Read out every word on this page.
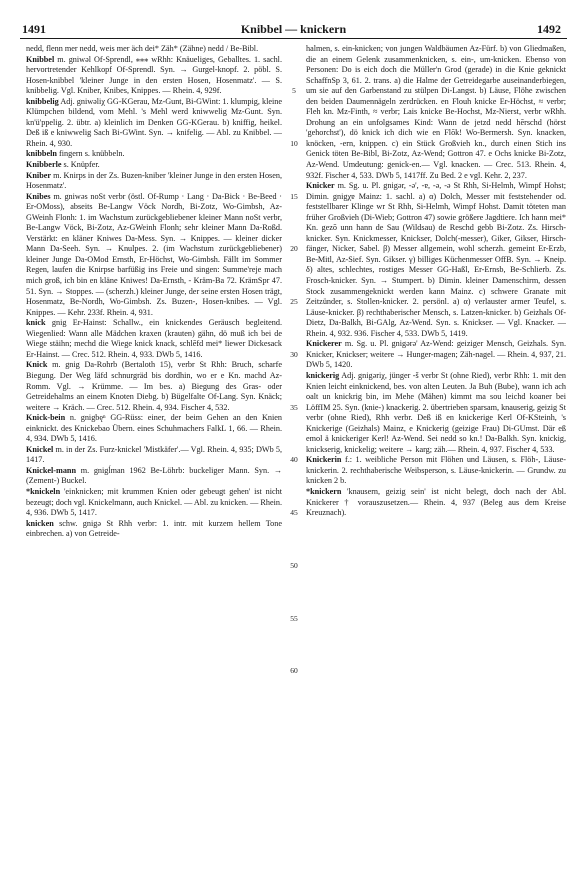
1491	Knibbel — knickern	1492

nedd, flenn mer nedd, weis mer äch dei* Zäh* (Zähne) nedd / Be-Bibl.

Knibbel m. gniwəl Of-Sprendl, ⁎⁎⁎ wRhh: Knäueliges, Geballtes. 1. sachl. hervortretender Kehlkopf Of-Sprendl. Syn. → Gurgel-knopf. 2. pöbl. S. Hosen-knibbel 'kleiner Junge in den ersten Hosen, Hosenmatz'. — S. knibbelig. Vgl. Kniber, Knibes, Knippes. — Rhein. 4, 929f.

knibbelig Adj. gniwəliχ GG-KGerau, Mz-Gunt, Bi-GWint: 1. klumpig, kleine Klümpchen bildend, vom Mehl. 's Mehl werd kniwwelig Mz-Gunt. Syn. kn'ü'ppelig. 2. übtr. a) kleinlich im Denken GG-KGerau. b) kniffig, heikel. Deß iß e kniwwelig Sach Bi-GWint. Syn. → knifelig. — Abl. zu Knibbel. — Rhein. 4, 930.

knibbeln fingern s. knübbeln.

Knibberle s. Knüpfer.

Kniber m. Knirps in der Zs. Buzen-kniber 'kleiner Junge in den ersten Hosen, Hosenmatz'.

Knibes m. gniwəs noSt verbr (östl. Of-Rump · Lang · Da-Bick · Be-Beed · Er-OMoss), abseits Be-Langw Vöck Nordh, Bi-Zotz, Wo-Gimbsh, Az-GWeinh Flonh: 1. im Wachstum zurückgebliebener kleiner Mann noSt verbr, Be-Langw Vöck, Bi-Zotz, Az-GWeinh Flonh; sehr kleiner Mann Da-Roßd. Verstärkt: en kläner Kniwes Da-Mess. Syn. → Knippes. — kleiner dicker Mann Da-Seeh. Syn. → Knulpes. 2. (im Wachstum zurückgebliebener) kleiner Junge Da-OMod Ernsth, Er-Höchst, Wo-Gimbsh. Fällt im Sommer Regen, laufen die Knirpse barfüßig ins Freie und singen: Summe'reje mach mich groß, ich bin en kläne Kniwes! Da-Ernsth, - Kräm-Ba 72. KrämSpr 47. 51. Syn. → Stoppes. — (scherzh.) kleiner Junge, der seine ersten Hosen trägt, Hosenmatz, Be-Nordh, Wo-Gimbsh. Zs. Buzen-, Hosen-knibes. — Vgl. Knippes. — Kehr. 233f. Rhein. 4, 931.

knick gnig Er-Hainst: Schallw., ein knickendes Geräusch begleitend. Wiegenlied: Wann alle Mädchen kraxen (krauten) gähn, dö muß ich bei de Wiege stäihn; mechd die Wiege knick knack, schlēfd mei* liewer Dickesack Er-Hainst. — Crec. 512. Rhein. 4, 933. DWb 5, 1416.

Knick m. gnig Da-Rohrb (Bertaloth 15), verbr St Rhh: Bruch, scharfe Biegung. Der Weg läfd schnurgräd bis dordhin, wo er e Kn. machd Az-Romm. Vgl. → Krümme. — Im bes. a) Biegung des Gras- oder Getreidehalms an einem Knoten Diebg. b) Bügelfalte Of-Lang. Syn. Knäck; weitere → Kräch. — Crec. 512. Rhein. 4, 934. Fischer 4, 532.

Knick-bein n. gnigbęⁿ GG-Rüss: einer, der beim Gehen an den Knien einknickt. des Knickebao Übern. eines Schuhmachers FalkL 1, 66. — Rhein. 4, 934. DWb 5, 1416.

Knickel m. in der Zs. Furz-knickel 'Mistkäfer'.— Vgl. Rhein. 4, 935; DWb 5, 1417.

Knickel-mann m. gnigĺman 1962 Be-Löhrb: buckeliger Mann. Syn. → (Zement-) Buckel.

*knickeln 'einknicken; mit krummen Knien oder gebeugt gehen' ist nicht bezeugt; doch vgl. Knickelmann, auch Knickel. — Abl. zu knicken. — Rhein. 4, 936. DWb 5, 1417.

knicken schw. gnigə St Rhh verbr: 1. intr. mit kurzem hellem Tone einbrechen. a) von Getreide-

5
10
15
20
25
30
35
40
45
50
55
60

halmen, s. ein-knicken; von jungen Waldbäumen Az-Fürf. b) von Gliedmaßen, die an einem Gelenk zusammenknicken, s. ein-, um-knicken. Ebenso von Personen: Do is eich doch die Müller'n Grod (gerade) in die Knie geknickt SchaffnSp 3, 61. 2. trans. a) die Halme der Getreidegarbe auseinanderbiegen, um sie auf den Garbenstand zu stülpen Di-Langst. b) Läuse, Flöhe zwischen den beiden Daumennägeln zerdrücken. en Flouh knicke Er-Höchst, ≈ verbr; Fleh kn. Mz-Finth, ≈ verbr; Lais knicke Be-Hochst, Mz-Nierst, verbr wRhh. Drohung an ein unfolgsames Kind: Wann de jetzd nedd hērschd (hörst 'gehorchst'), dö knick ich dich wie en Flōk! Wo-Bermersh. Syn. knacken, knöcken, -ern, knippen. c) ein Stück Großvieh kn., durch einen Stich ins Genick töten Be-Bibl, Bi-Zotz, Az-Wend; Gottron 47. e Ochs knicke Bi-Zotz, Az-Wend. Umdeutung: genick-en.— Vgl. knacken. — Crec. 513. Rhein. 4, 932f. Fischer 4, 533. DWb 5, 1417ff. Zu Bed. 2 e vgl. Kehr. 2, 237.

Knicker m. Sg. u. Pl. gnigər, -ə', -ɐ, -ə, -ə St Rhh, Si-Helmh, Wimpf Hohst; Dimin. gnigχɐ Mainz: 1. sachl. a) α) Dolch, Messer mit feststehender od. feststellbarer Klinge wr St Rhh, Si-Helmh, Wimpf Hohst. Damit töteten man früher Großvieh (Di-Wieb; Gottron 47) sowie größere Jagdtiere. Ich hann mei* Kn. gezō unn hann de Sau (Wildsau) de Reschd gebb Bi-Zotz. Zs. Hirsch-knicker. Syn. Knickmesser, Knickser, Dolch(-messer), Giker, Gikser, Hirsch-fänger, Nicker, Sabel. β) Messer allgemein, wohl scherzh. gemeint Er-Erzb, Be-Mitl, Az-Sief. Syn. Gikser. γ) billiges Küchenmesser OffB. Syn. → Kneip. δ) altes, schlechtes, rostiges Messer GG-Haßl, Er-Ernsb, Be-Schlierb. Zs. Frosch-knicker. Syn. → Stumpert. b) Dimin. kleiner Damenschirm, dessen Stock zusammengeknickt werden kann Mainz. c) schwere Granate mit Zeitzünder, s. Stollen-knicker. 2. persönl. a) α) verlauster armer Teufel, s. Läuse-knicker. β) rechthaberischer Mensch, s. Latzen-knicker. b) Geizhals Of-Dietz, Da-Balkh, Bi-GAlg, Az-Wend. Syn. s. Knickser. — Vgl. Knacker. — Rhein. 4, 932. 936. Fischer 4, 533. DWb 5, 1419.

Knickerer m. Sg. u. Pl. gnigərə' Az-Wend: geiziger Mensch, Geizhals. Syn. Knicker, Knickser; weitere → Hunger-magen; Zäh-nagel. — Rhein. 4, 937, 21. DWb 5, 1420.

knickerig Adj. gnigəriχ, jünger -š verbr St (ohne Ried), verbr Rhh: 1. mit den Knien leicht einknickend, bes. von alten Leuten. Ja Buh (Bube), wann ich ach oalt un knickrig bin, im Mehe (Mähen) kimmt ma sou leichd koaner bei LöffIM 25. Syn. (knie-) knackerig. 2. übertrieben sparsam, knauserig, geizig St verbr (ohne Ried), Rhh verbr. Deß iß en knickerige Kerl Of-KSteinh, 's Knickerige (Geizhals) Mainz, e Knickerig (geizige Frau) Di-GUmst. Där eß emol ä knickeriger Kerl! Az-Wend. Sei nedd so kn.! Da-Balkh. Syn. knickig, knickserig, knickelig; weitere → karg; zäh.— Rhein. 4, 937. Fischer 4, 533.

Knickerin f.: 1. weibliche Person mit Flöhen und Läusen, s. Flöh-, Läuse-knickerin. 2. rechthaberische Weibsperson, s. Läuse-knickerin. — Grundw. zu knicken 2 b.

*knickern 'knausern, geizig sein' ist nicht belegt, doch nach der Abl. Knickerer † vorauszusetzen.— Rhein. 4, 937 (Beleg aus dem Kreise Kreuznach).
